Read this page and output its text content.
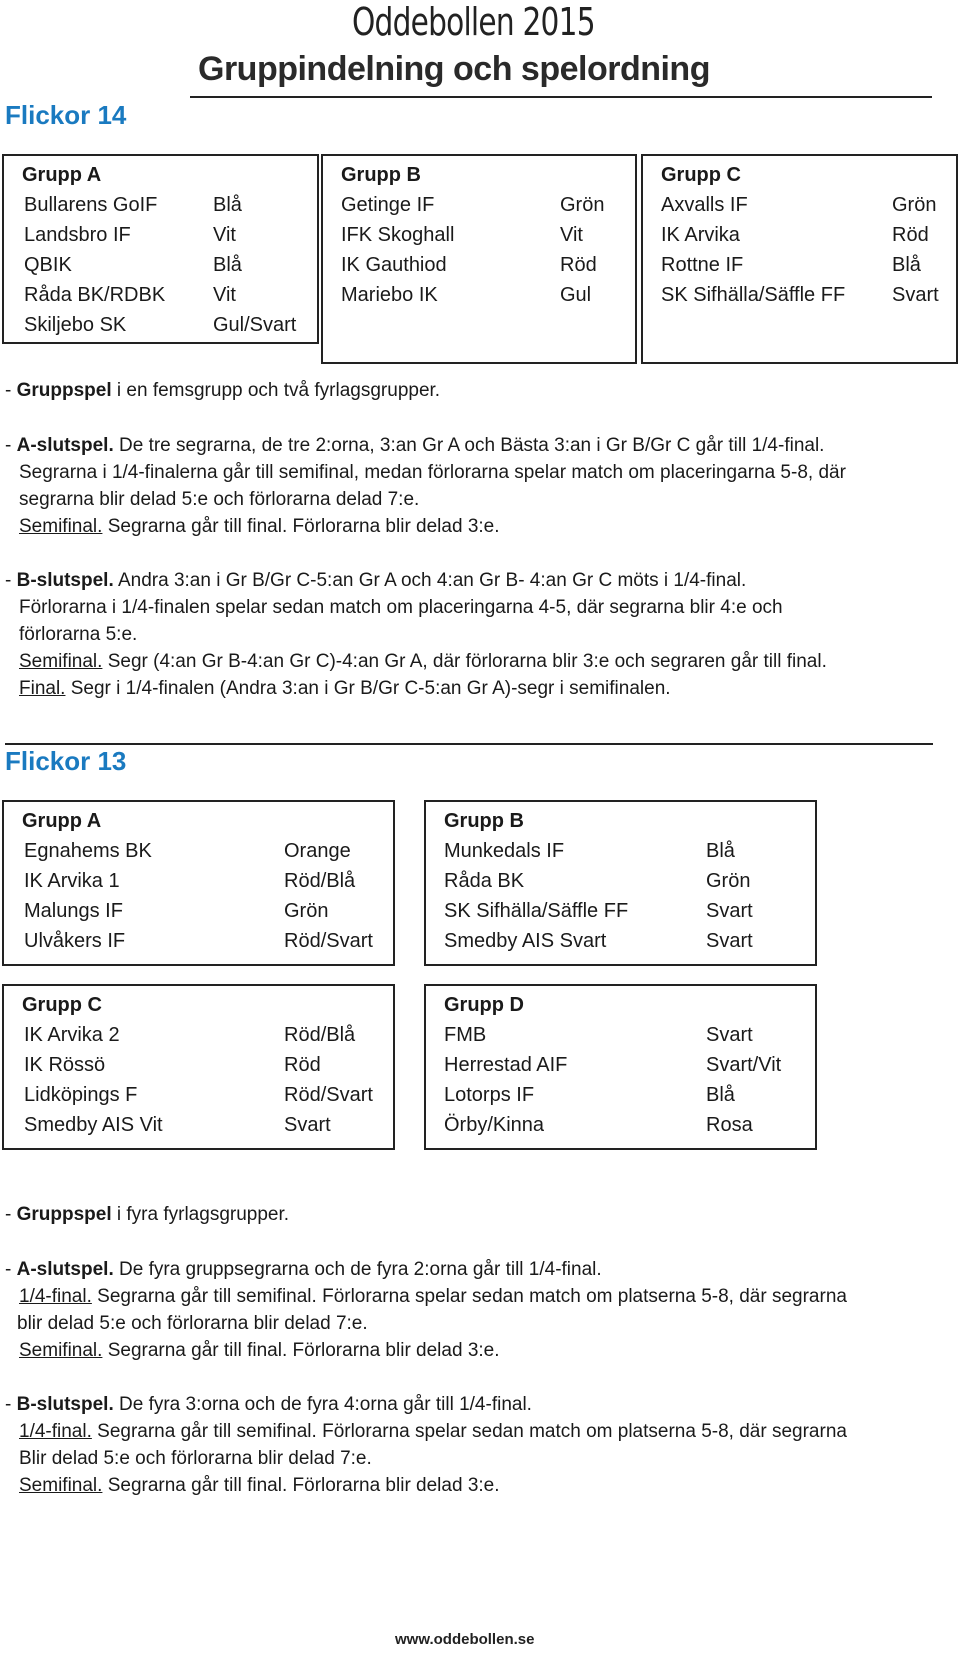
Oddebollen 2015
Gruppindelning och spelordning
Flickor 14
Grupp A
Bullarens GoIF	Blå
Landsbro IF	Vit
QBIK	Blå
Råda BK/RDBK Vit
Skiljebo SK	Gul/Svart
Grupp B
Getinge IF	Grön
IFK Skoghall	Vit
IK Gauthiod	Röd
Mariebo IK	Gul
Grupp C
Axvalls IF	Grön
IK Arvika	Röd
Rottne IF	Blå
SK Sifhälla/Säffle FF Svart
- Gruppspel i en femsgrupp och två fyrlagsgrupper.
- A-slutspel. De tre segrarna, de tre 2:orna, 3:an Gr A och Bästa 3:an i Gr B/Gr C går till 1/4-final.
Segrarna i 1/4-finalerna går till semifinal, medan förlorarna spelar match om placeringarna 5-8, där
segrarna blir delad 5:e och förlorarna delad 7:e.
Semifinal. Segrarna går till final. Förlorarna blir delad 3:e.
- B-slutspel. Andra 3:an i Gr B/Gr C-5:an Gr A och 4:an Gr B- 4:an Gr C möts i 1/4-final.
Förlorarna i 1/4-finalen spelar sedan match om placeringarna 4-5, där segrarna blir 4:e och
förlorarna 5:e.
Semifinal. Segr (4:an Gr B-4:an Gr C)-4:an Gr A, där förlorarna blir 3:e och segraren går till final.
Final. Segr i 1/4-finalen (Andra 3:an i Gr B/Gr C-5:an Gr A)-segr i semifinalen.
Flickor 13
Grupp A
Egnahems BK	Orange
IK Arvika 1	Röd/Blå
Malungs IF	Grön
Ulvåkers IF	Röd/Svart
Grupp B
Munkedals IF	Blå
Råda BK	Grön
SK Sifhälla/Säffle FF	Svart
Smedby AIS Svart	Svart
Grupp C
IK Arvika 2	Röd/Blå
IK Rössö	Röd
Lidköpings F	Röd/Svart
Smedby AIS Vit	Svart
Grupp D
FMB	Svart
Herrestad AIF	Svart/Vit
Lotorps IF	Blå
Örby/Kinna	Rosa
- Gruppspel i fyra fyrlagsgrupper.
- A-slutspel. De fyra gruppsegrarna och de fyra 2:orna går till 1/4-final.
1/4-final. Segrarna går till semifinal. Förlorarna spelar sedan match om platserna 5-8, där segrarna
blir delad 5:e och förlorarna blir delad 7:e.
Semifinal. Segrarna går till final. Förlorarna blir delad 3:e.
- B-slutspel. De fyra 3:orna och de fyra 4:orna går till 1/4-final.
1/4-final. Segrarna går till semifinal. Förlorarna spelar sedan match om platserna 5-8, där segrarna
Blir delad 5:e och förlorarna blir delad 7:e.
Semifinal. Segrarna går till final. Förlorarna blir delad 3:e.
www.oddebollen.se
